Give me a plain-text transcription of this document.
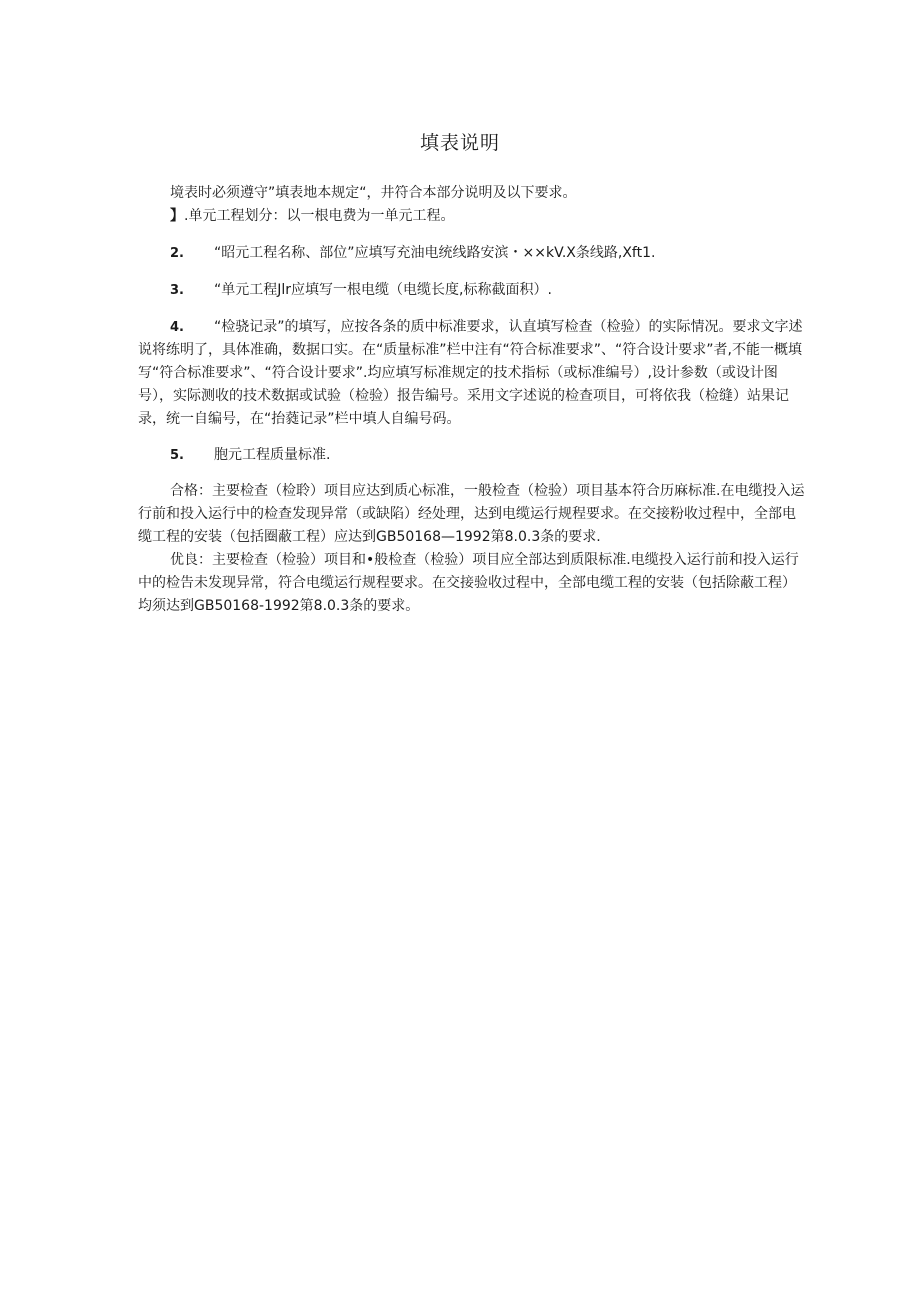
填表说明

境表时必须遵守”填表地本规定“，井符合本部分说明及以下要求。

】.单元工程划分：以一根电费为一单元工程。

2. “昭元工程名称、部位”应填写充油电统线路安滨・××kV.X条线路,Xft1.

3. “单元工程Jlr应填写一根电缆（电缆长度,标称截面积）.

4. “检骁记录”的填写，应按各条的质中标准要求，认直填写检查（检验）的实际情况。要求文字述说将练明了，具体准确，数据口实。在“质量标准”栏中注有“符合标准要求”、“符合设计要求”者,不能一概填写“符合标准要求”、“符合设计要求”.均应填写标准规定的技术指标（或标准编号）,设计参数（或设计图号），实际测收的技术数据或试验（检验）报告编号。采用文字述说的检查项目，可将依我（检缝）站果记录，统一自编号，在“抬蕤记录”栏中填人自编号码。

5. 胞元工程质量标准.

合格：主要检查（检聆）项目应达到质心标准，一般检查（检验）项目基本符合历麻标准.在电缆投入运行前和投入运行中的检查发现异常（或缺陷）经处理，达到电缆运行规程要求。在交接粉收过程中，全部电缆工程的安装（包括圈蔽工程）应达到GB50168—1992第8.0.3条的要求.

优良：主要检查（检验）项目和•般检查（检验）项目应全部达到质限标准.电缆投入运行前和投入运行中的检告未发现异常，符合电缆运行规程要求。在交接验收过程中，全部电缆工程的安装（包括除蔽工程）均须达到GB50168-1992第8.0.3条的要求。
